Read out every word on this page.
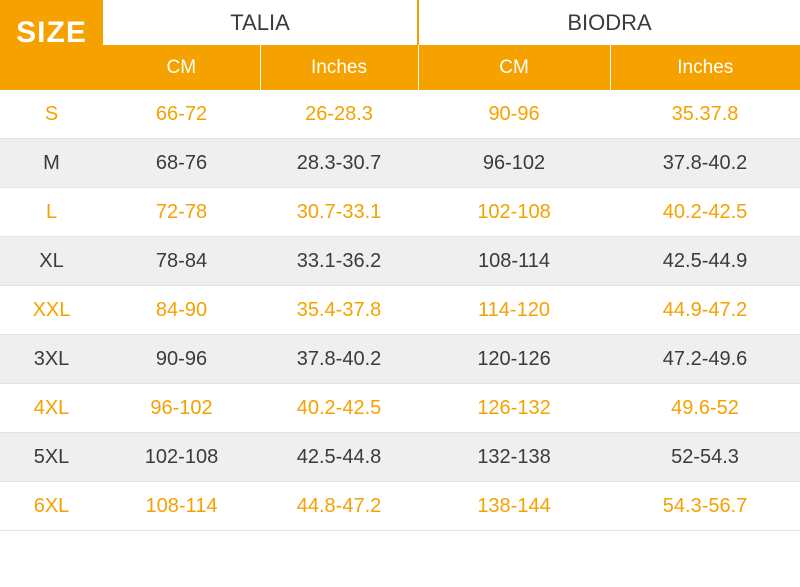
SIZE	TALIA		BIODRA	
	CM	Inches	CM	Inches
S	66-72	26-28.3	90-96	35.37.8
M	68-76	28.3-30.7	96-102	37.8-40.2
L	72-78	30.7-33.1	102-108	40.2-42.5
XL	78-84	33.1-36.2	108-114	42.5-44.9
XXL	84-90	35.4-37.8	114-120	44.9-47.2
3XL	90-96	37.8-40.2	120-126	47.2-49.6
4XL	96-102	40.2-42.5	126-132	49.6-52
5XL	102-108	42.5-44.8	132-138	52-54.3
6XL	108-114	44.8-47.2	138-144	54.3-56.7
